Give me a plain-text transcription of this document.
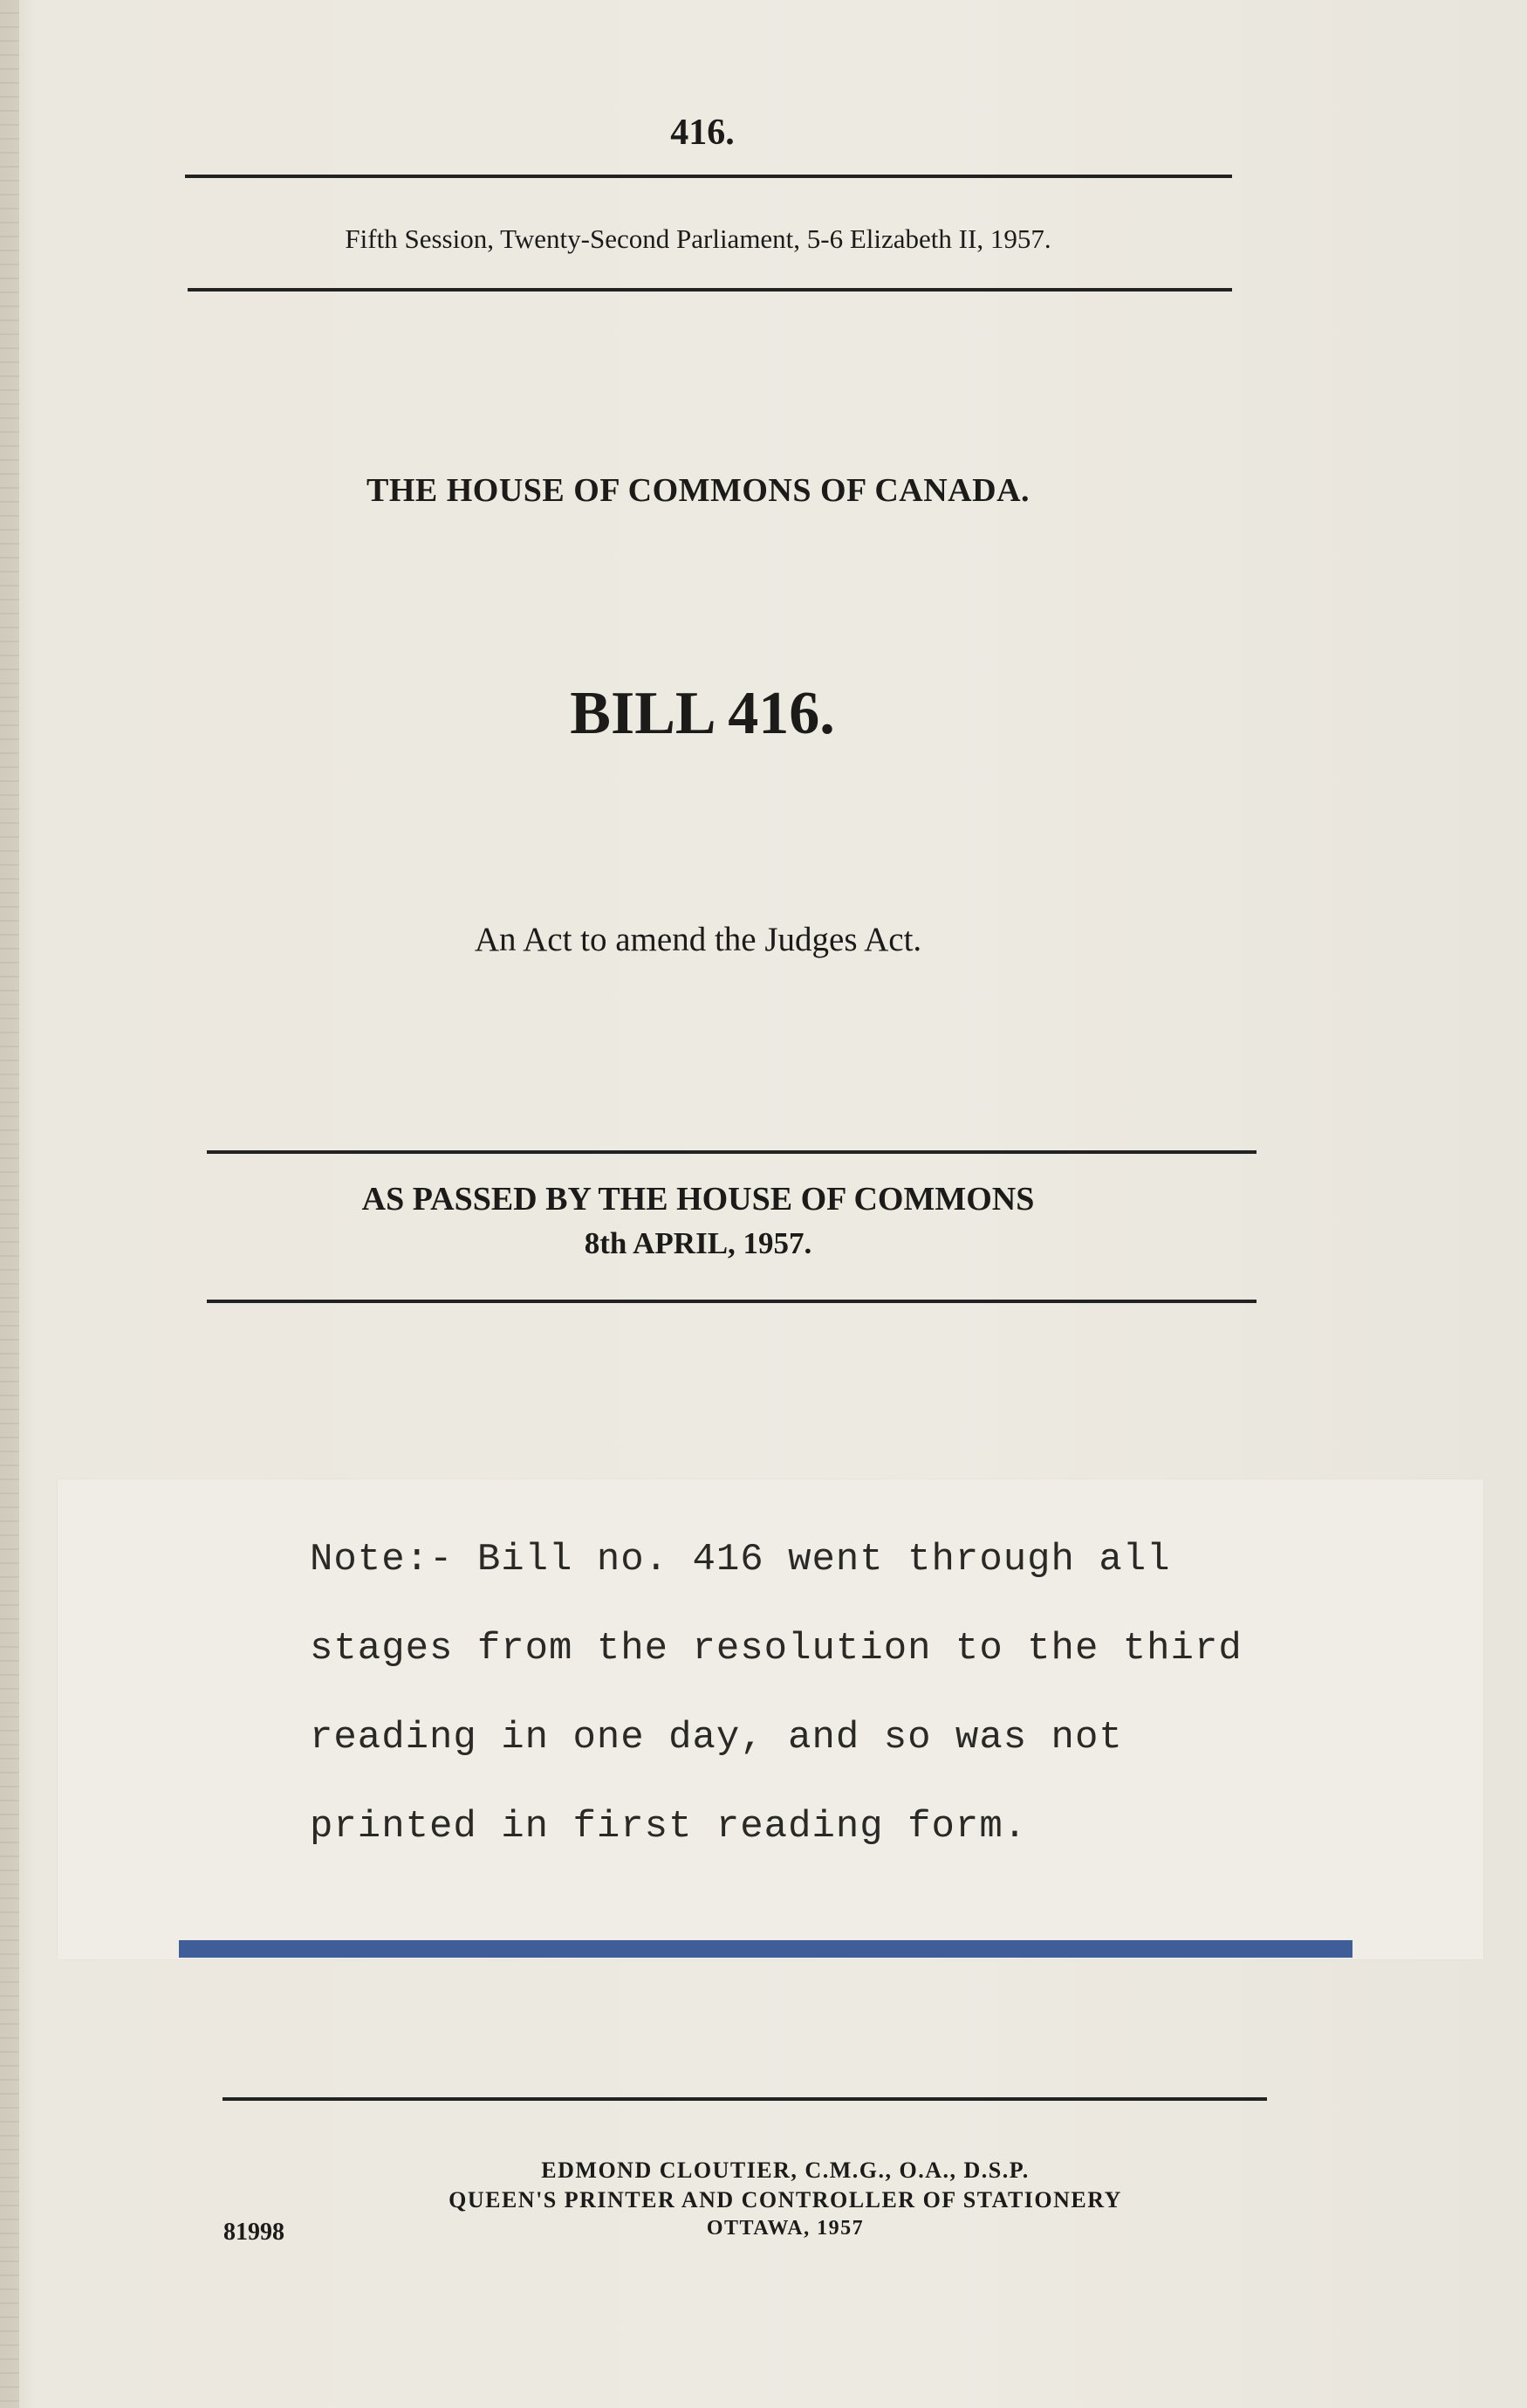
416.
Fifth Session, Twenty-Second Parliament, 5-6 Elizabeth II, 1957.
THE HOUSE OF COMMONS OF CANADA.
BILL 416.
An Act to amend the Judges Act.
AS PASSED BY THE HOUSE OF COMMONS
8th APRIL, 1957.
Note:- Bill no. 416 went through all
stages from the resolution to the third
reading in one day, and so was not
printed in first reading form.
EDMOND CLOUTIER, C.M.G., O.A., D.S.P.
QUEEN'S PRINTER AND CONTROLLER OF STATIONERY
OTTAWA, 1957
81998
